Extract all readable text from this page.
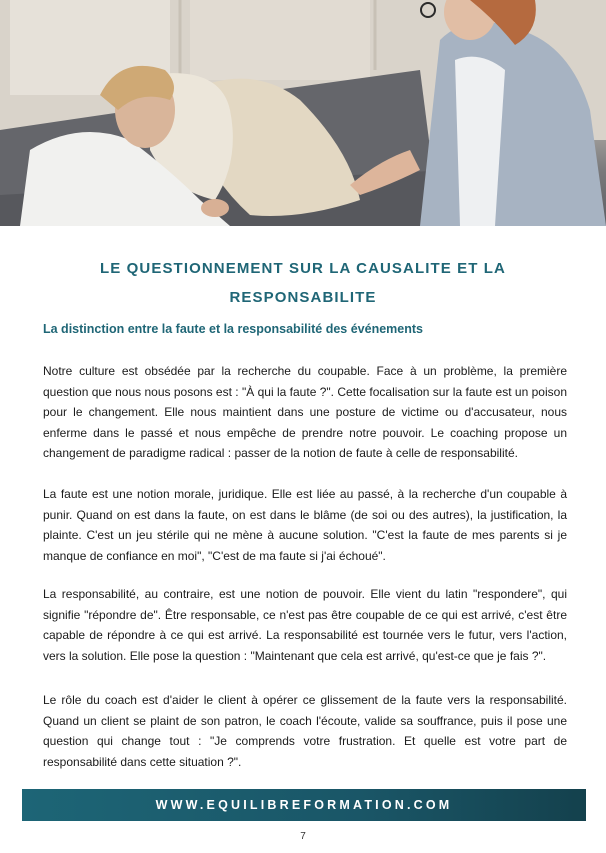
LE QUESTIONNEMENT SUR LA CAUSALITE ET LA RESPONSABILITE
La distinction entre la faute et la responsabilité des événements

Notre culture est obsédée par la recherche du coupable. Face à un problème, la première question que nous nous posons est : "À qui la faute ?". Cette focalisation sur la faute est un poison pour le changement. Elle nous maintient dans une posture de victime ou d'accusateur, nous enferme dans le passé et nous empêche de prendre notre pouvoir. Le coaching propose un changement de paradigme radical : passer de la notion de faute à celle de responsabilité.

La faute est une notion morale, juridique. Elle est liée au passé, à la recherche d'un coupable à punir. Quand on est dans la faute, on est dans le blâme (de soi ou des autres), la justification, la plainte. C'est un jeu stérile qui ne mène à aucune solution. "C'est la faute de mes parents si je manque de confiance en moi", "C'est de ma faute si j'ai échoué".

La responsabilité, au contraire, est une notion de pouvoir. Elle vient du latin "respondere", qui signifie "répondre de". Être responsable, ce n'est pas être coupable de ce qui est arrivé, c'est être capable de répondre à ce qui est arrivé. La responsabilité est tournée vers le futur, vers l'action, vers la solution. Elle pose la question : "Maintenant que cela est arrivé, qu'est-ce que je fais ?".

Le rôle du coach est d'aider le client à opérer ce glissement de la faute vers la responsabilité. Quand un client se plaint de son patron, le coach l'écoute, valide sa souffrance, puis il pose une question qui change tout : "Je comprends votre frustration. Et quelle est votre part de responsabilité dans cette situation ?".

WWW.EQUILIBREFORMATION.COM
7
